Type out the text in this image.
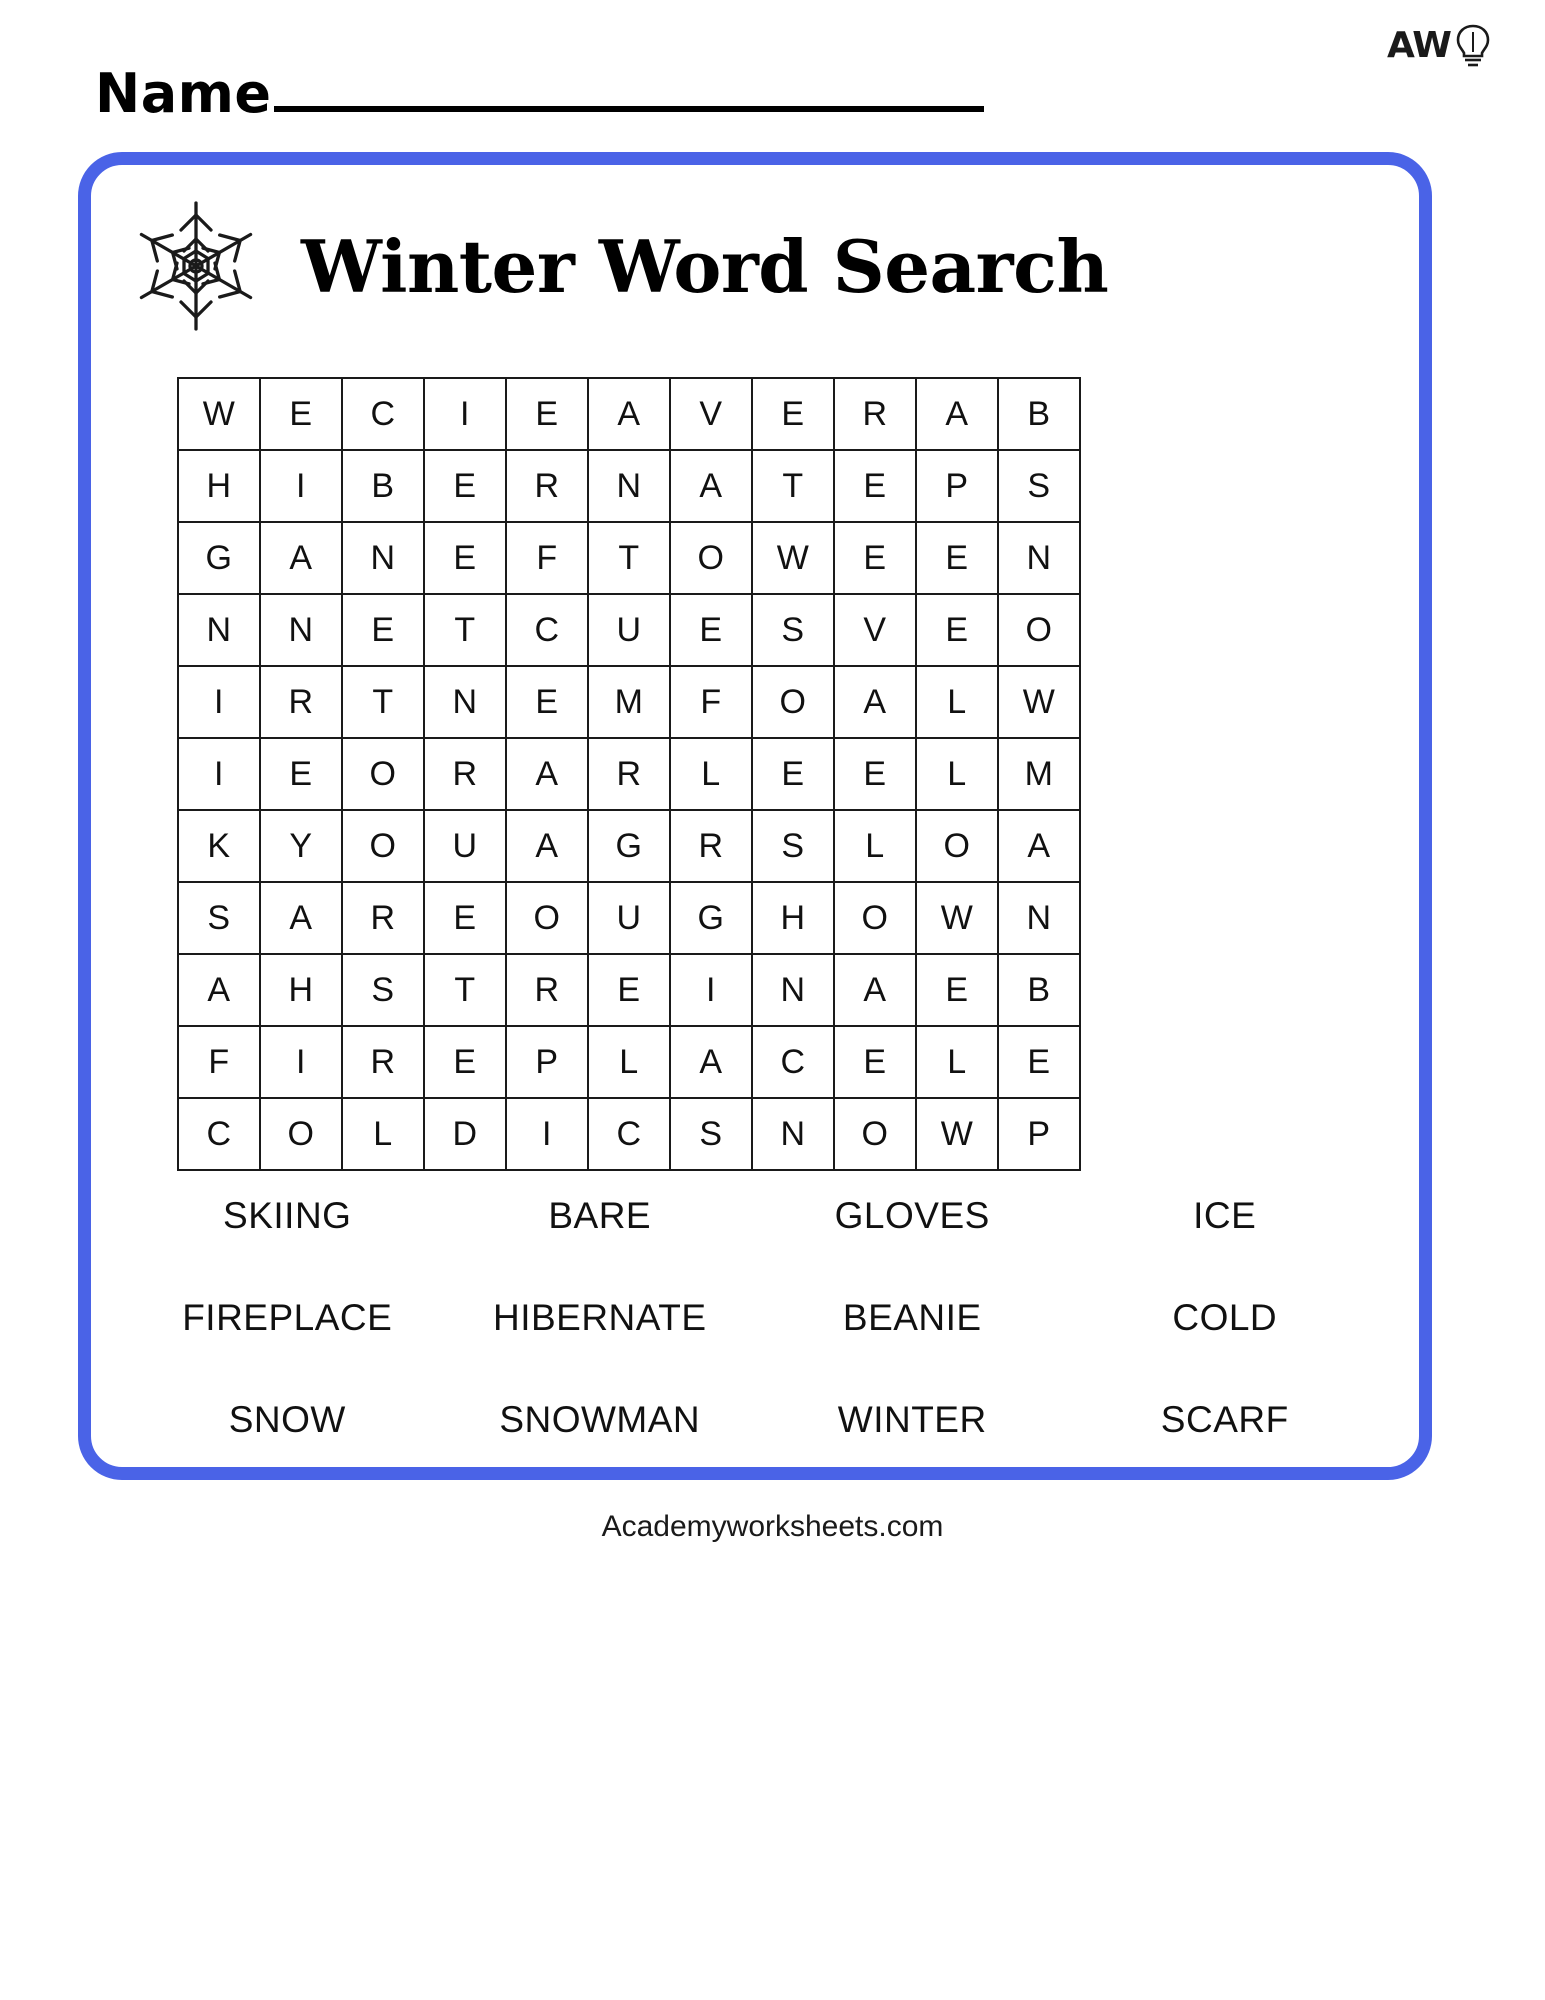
AW
Name
Winter Word Search
W	E	C	I	E	A	V	E	R	A	B
H	I	B	E	R	N	A	T	E	P	S
G	A	N	E	F	T	O	W	E	E	N
N	N	E	T	C	U	E	S	V	E	O
I	R	T	N	E	M	F	O	A	L	W
I	E	O	R	A	R	L	E	E	L	M
K	Y	O	U	A	G	R	S	L	O	A
S	A	R	E	O	U	G	H	O	W	N
A	H	S	T	R	E	I	N	A	E	B
F	I	R	E	P	L	A	C	E	L	E
C	O	L	D	I	C	S	N	O	W	P
SKIING	BARE	GLOVES	ICE
FIREPLACE	HIBERNATE	BEANIE	COLD
SNOW	SNOWMAN	WINTER	SCARF
Academyworksheets.com
